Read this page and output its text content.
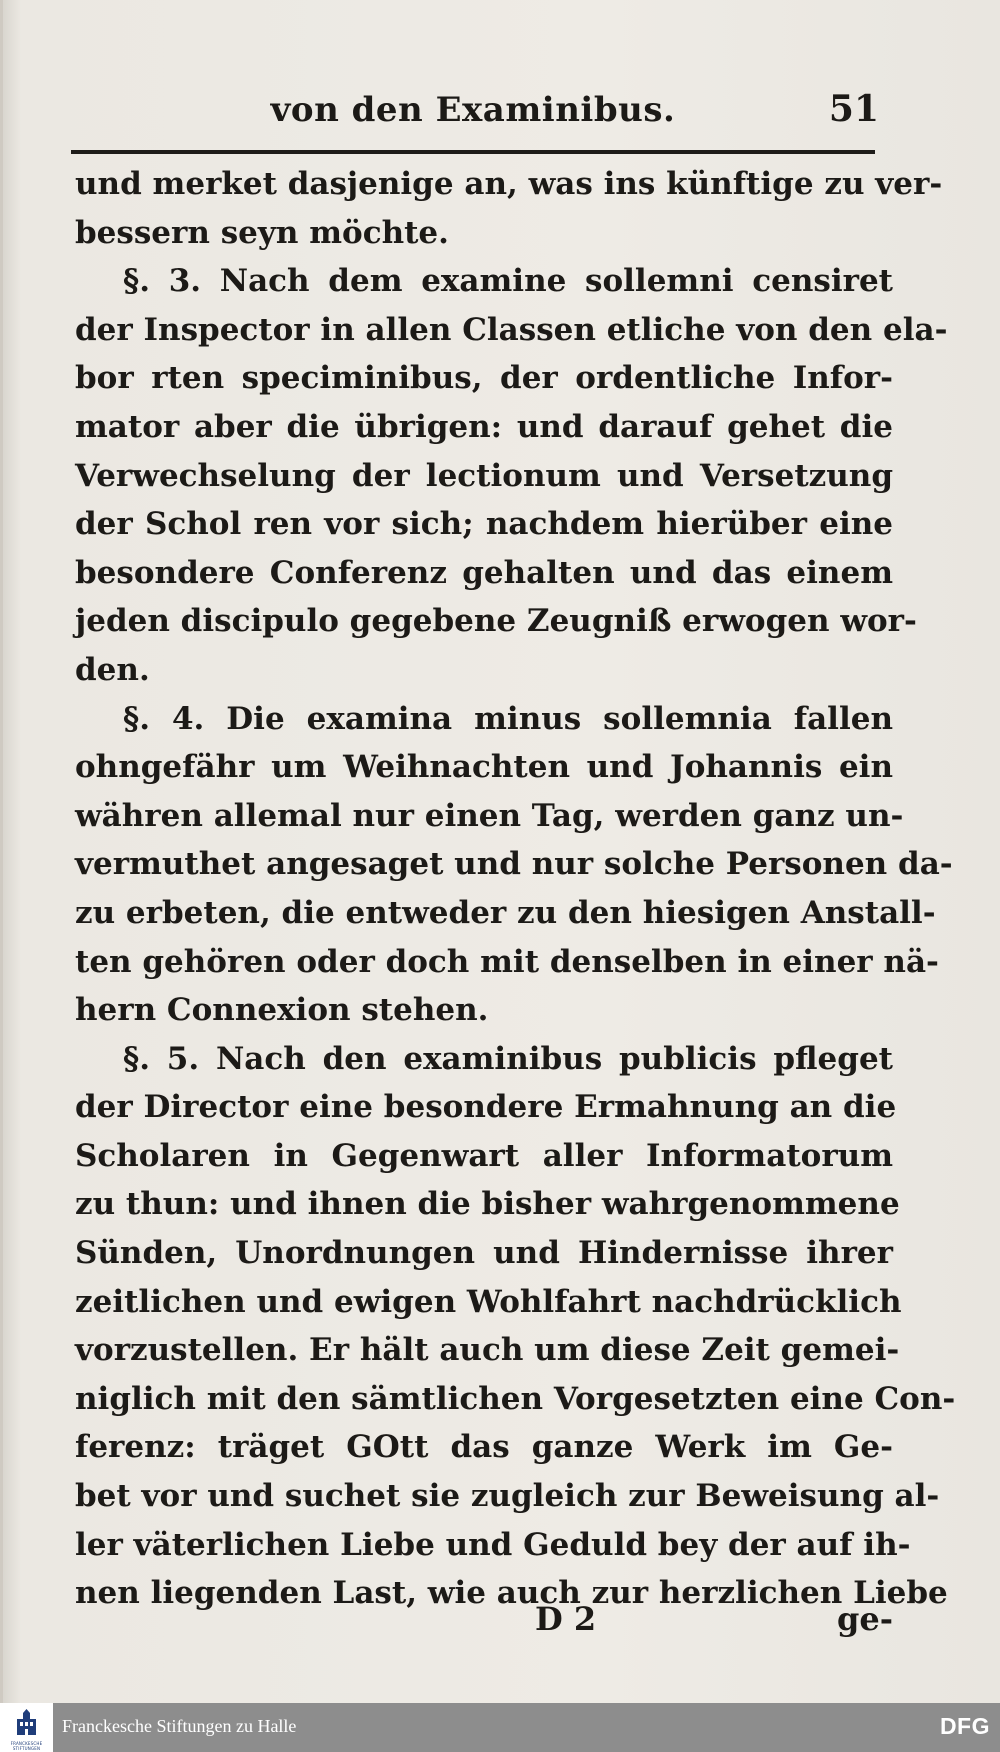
von den Examinibus.	51
und merket dasjenige an, was ins künftige zu ver-
bessern seyn möchte.
§. 3. Nach dem examine sollemni censiret
der Inspector in allen Classen etliche von den ela-
bor rten speciminibus, der ordentliche Infor-
mator aber die übrigen: und darauf gehet die
Verwechselung der lectionum und Versetzung
der Schol ren vor sich; nachdem hierüber eine
besondere Conferenz gehalten und das einem
jeden discipulo gegebene Zeugniß erwogen wor-
den.
§. 4. Die examina minus sollemnia fallen
ohngefähr um Weihnachten und Johannis ein
währen allemal nur einen Tag, werden ganz un-
vermuthet angesaget und nur solche Personen da-
zu erbeten, die entweder zu den hiesigen Anstall-
ten gehören oder doch mit denselben in einer nä-
hern Connexion stehen.
§. 5. Nach den examinibus publicis pfleget
der Director eine besondere Ermahnung an die
Scholaren in Gegenwart aller Informatorum
zu thun: und ihnen die bisher wahrgenommene
Sünden, Unordnungen und Hindernisse ihrer
zeitlichen und ewigen Wohlfahrt nachdrücklich
vorzustellen. Er hält auch um diese Zeit gemei-
niglich mit den sämtlichen Vorgesetzten eine Con-
ferenz: träget GOtt das ganze Werk im Ge-
bet vor und suchet sie zugleich zur Beweisung al-
ler väterlichen Liebe und Geduld bey der auf ih-
nen liegenden Last, wie auch zur herzlichen Liebe
D 2	ge-
FRANCKESCHE STIFTUNGEN
Franckesche Stiftungen zu Halle	DFG
